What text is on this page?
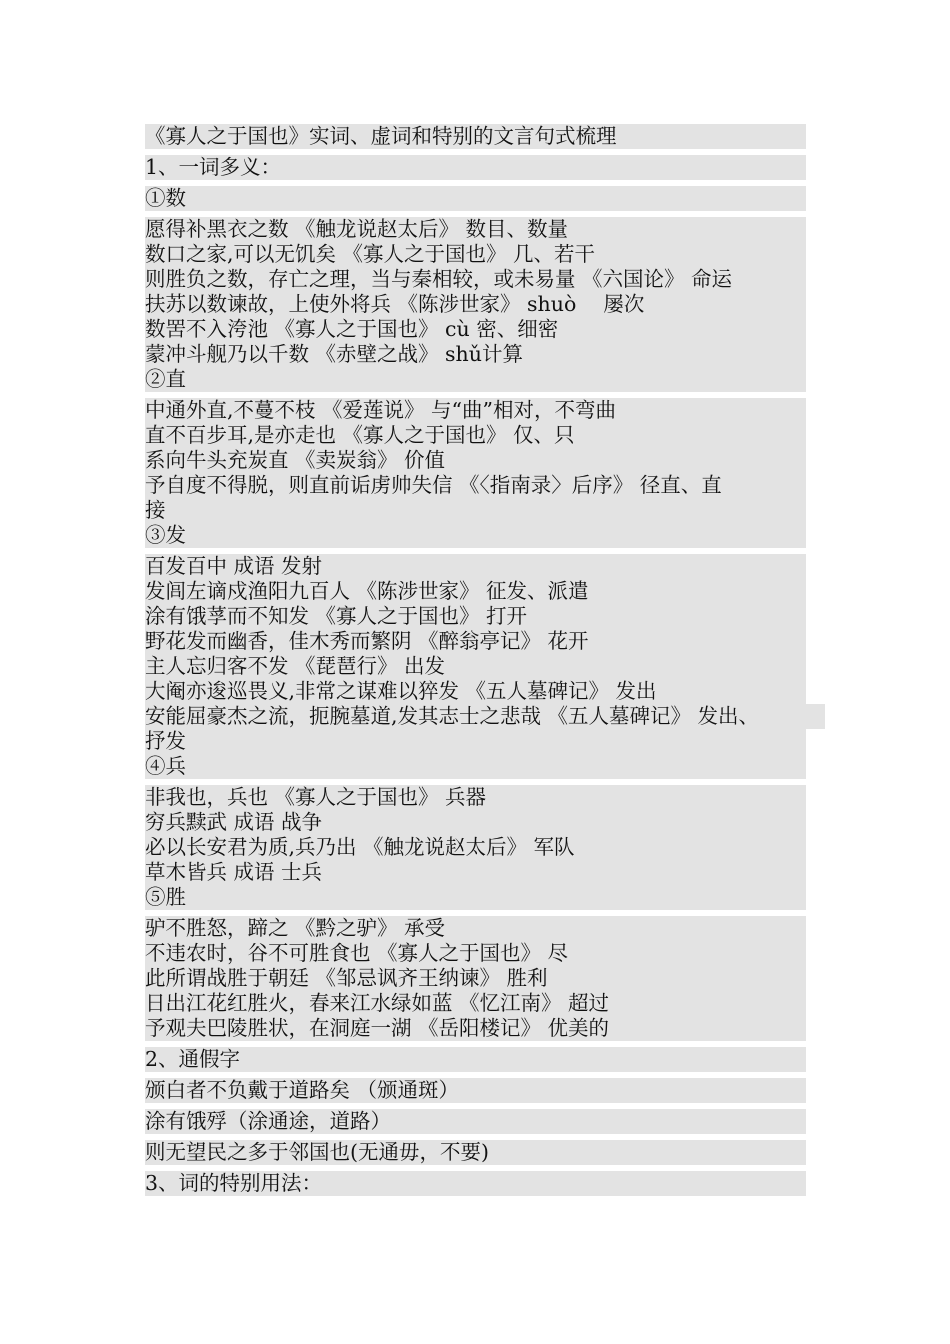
《寡人之于国也》实词、虚词和特别的文言句式梳理
1、一词多义：
①数
愿得补黑衣之数 《触龙说赵太后》 数目、数量
数口之家,可以无饥矣 《寡人之于国也》 几、若干
则胜负之数，存亡之理，当与秦相较，或未易量 《六国论》 命运
扶苏以数谏故，上使外将兵 《陈涉世家》 shuò　 屡次
数罟不入洿池 《寡人之于国也》 cù 密、细密
蒙冲斗舰乃以千数 《赤壁之战》 shǔ计算
②直
中通外直,不蔓不枝 《爱莲说》 与“曲”相对，不弯曲
直不百步耳,是亦走也 《寡人之于国也》 仅、只
系向牛头充炭直 《卖炭翁》 价值
予自度不得脱，则直前诟虏帅失信 《〈指南录〉后序》 径直、直
接
③发
百发百中 成语 发射
发闾左谪戍渔阳九百人 《陈涉世家》 征发、派遣
涂有饿莩而不知发 《寡人之于国也》 打开
野花发而幽香，佳木秀而繁阴 《醉翁亭记》 花开
主人忘归客不发 《琵琶行》 出发
大阉亦逡巡畏义,非常之谋难以猝发 《五人墓碑记》 发出
安能屈豪杰之流，扼腕墓道,发其志士之悲哉 《五人墓碑记》 发出、
抒发
④兵
非我也，兵也 《寡人之于国也》 兵器
穷兵黩武 成语 战争
必以长安君为质,兵乃出 《触龙说赵太后》 军队
草木皆兵 成语 士兵
⑤胜
驴不胜怒，蹄之 《黔之驴》 承受
不违农时，谷不可胜食也 《寡人之于国也》 尽
此所谓战胜于朝廷 《邹忌讽齐王纳谏》 胜利
日出江花红胜火，春来江水绿如蓝 《忆江南》 超过
予观夫巴陵胜状，在洞庭一湖 《岳阳楼记》 优美的
2、通假字
颁白者不负戴于道路矣 （颁通斑）
涂有饿殍（涂通途，道路）
则无望民之多于邻国也(无通毋，不要)
3、词的特别用法：
